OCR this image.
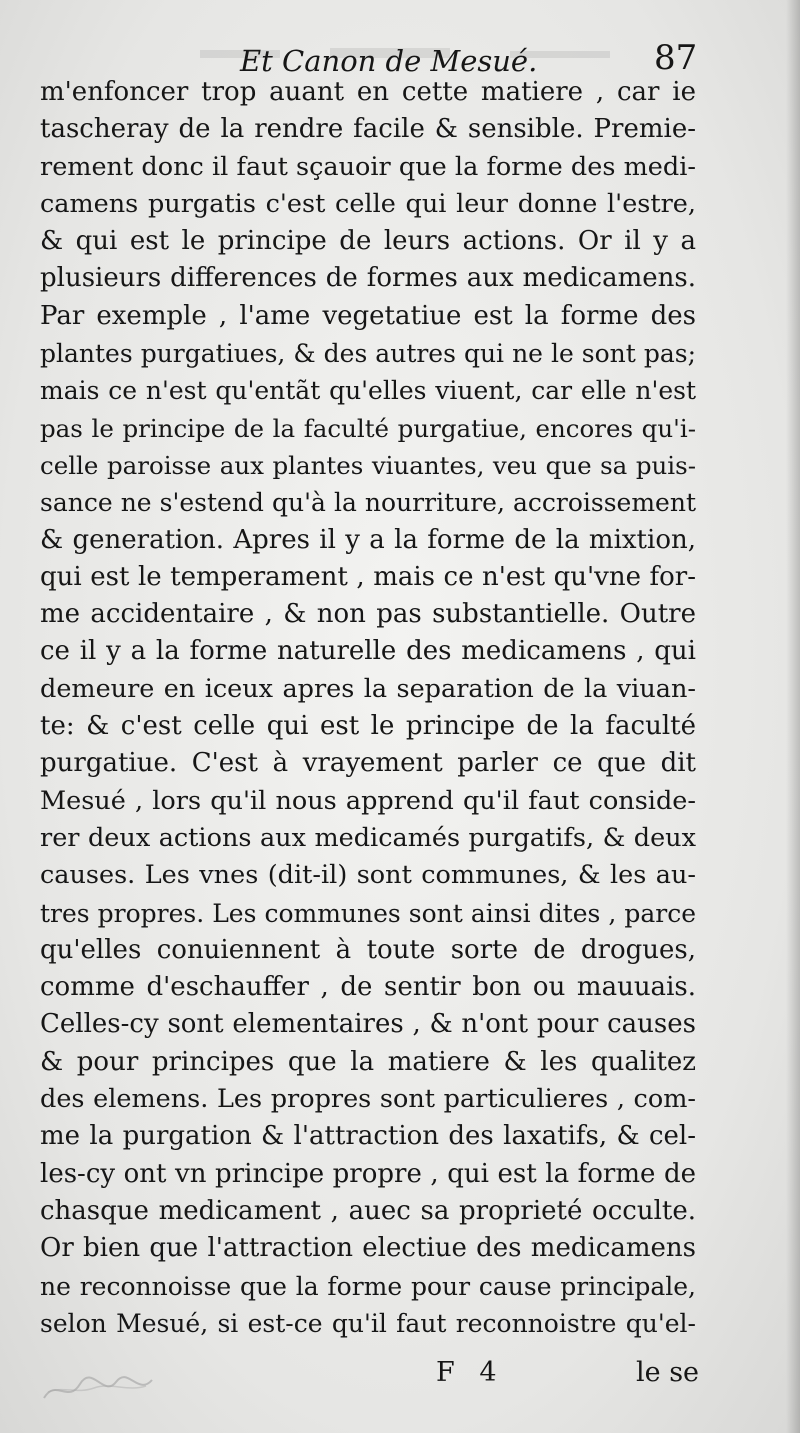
Et Canon de Mesué.	87
m'enfoncer trop auant en cette matiere , car ie
tascheray de la rendre facile & sensible. Premie-
rement donc il faut sçauoir que la forme des medi-
camens purgatis c'est celle qui leur donne l'estre,
& qui est le principe de leurs actions. Or il y a
plusieurs differences de formes aux medicamens.
Par exemple , l'ame vegetatiue est la forme des
plantes purgatiues, & des autres qui ne le sont pas;
mais ce n'est qu'entãt qu'elles viuent, car elle n'est
pas le principe de la faculté purgatiue, encores qu'i-
celle paroisse aux plantes viuantes, veu que sa puis-
sance ne s'estend qu'à la nourriture, accroissement
& generation. Apres il y a la forme de la mixtion,
qui est le temperament , mais ce n'est qu'vne for-
me accidentaire , & non pas substantielle. Outre
ce il y a la forme naturelle des medicamens , qui
demeure en iceux apres la separation de la viuan-
te: & c'est celle qui est le principe de la faculté
purgatiue. C'est à vrayement parler ce que dit
Mesué , lors qu'il nous apprend qu'il faut conside-
rer deux actions aux medicamés purgatifs, & deux
causes. Les vnes (dit-il) sont communes, & les au-
tres propres. Les communes sont ainsi dites , parce
qu'elles conuiennent à toute sorte de drogues,
comme d'eschauffer , de sentir bon ou mauuais.
Celles-cy sont elementaires , & n'ont pour causes
& pour principes que la matiere & les qualitez
des elemens. Les propres sont particulieres , com-
me la purgation & l'attraction des laxatifs, & cel-
les-cy ont vn principe propre , qui est la forme de
chasque medicament , auec sa proprieté occulte.
Or bien que l'attraction electiue des medicamens
ne reconnoisse que la forme pour cause principale,
selon Mesué, si est-ce qu'il faut reconnoistre qu'el-
F 4	le se
